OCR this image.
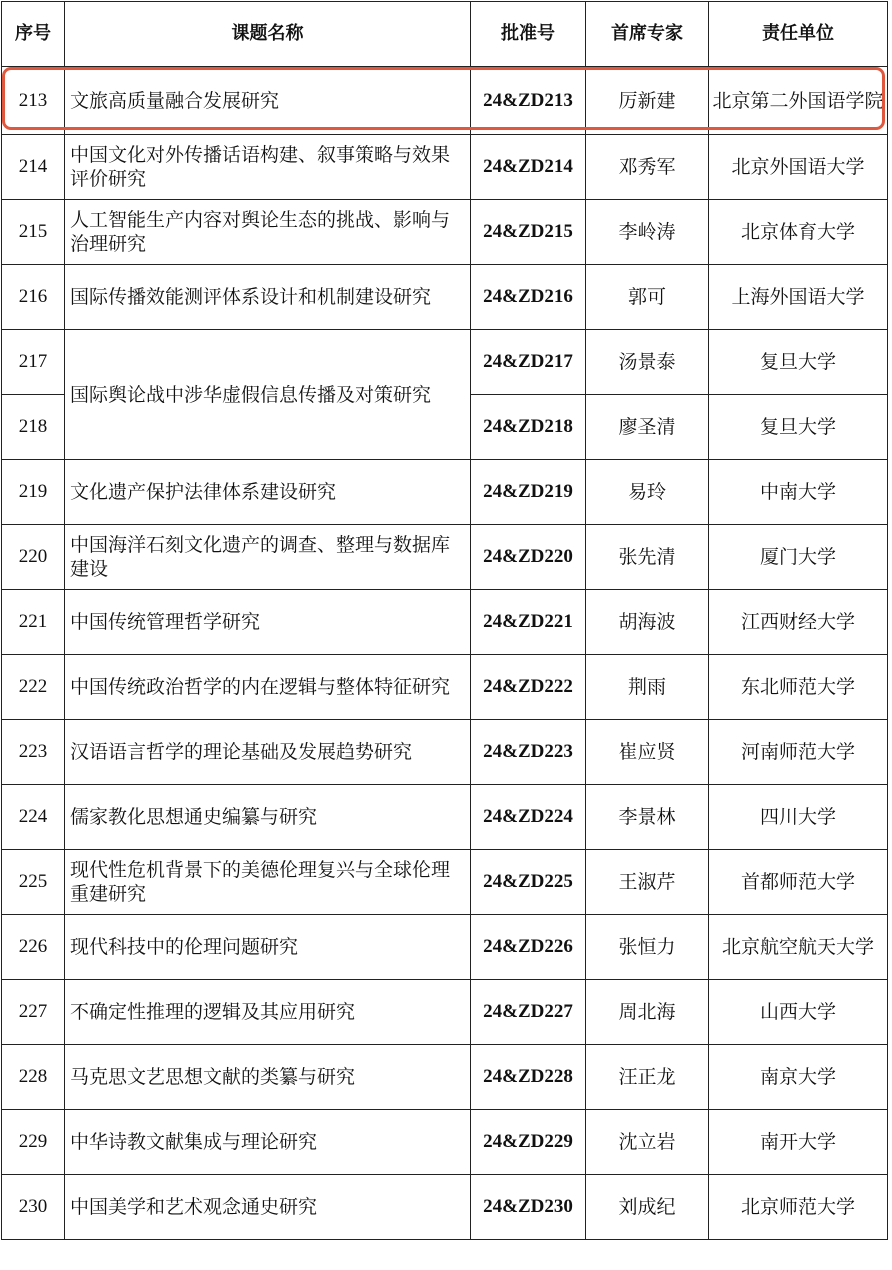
序号	课题名称	批准号	首席专家	责任单位
213	文旅高质量融合发展研究	24&ZD213	厉新建	北京第二外国语学院
214	中国文化对外传播话语构建、叙事策略与效果评价研究	24&ZD214	邓秀军	北京外国语大学
215	人工智能生产内容对舆论生态的挑战、影响与治理研究	24&ZD215	李岭涛	北京体育大学
216	国际传播效能测评体系设计和机制建设研究	24&ZD216	郭可	上海外国语大学
217	国际舆论战中涉华虚假信息传播及对策研究	24&ZD217	汤景泰	复旦大学
218		24&ZD218	廖圣清	复旦大学
219	文化遗产保护法律体系建设研究	24&ZD219	易玲	中南大学
220	中国海洋石刻文化遗产的调查、整理与数据库建设	24&ZD220	张先清	厦门大学
221	中国传统管理哲学研究	24&ZD221	胡海波	江西财经大学
222	中国传统政治哲学的内在逻辑与整体特征研究	24&ZD222	荆雨	东北师范大学
223	汉语语言哲学的理论基础及发展趋势研究	24&ZD223	崔应贤	河南师范大学
224	儒家教化思想通史编纂与研究	24&ZD224	李景林	四川大学
225	现代性危机背景下的美德伦理复兴与全球伦理重建研究	24&ZD225	王淑芹	首都师范大学
226	现代科技中的伦理问题研究	24&ZD226	张恒力	北京航空航天大学
227	不确定性推理的逻辑及其应用研究	24&ZD227	周北海	山西大学
228	马克思文艺思想文献的类纂与研究	24&ZD228	汪正龙	南京大学
229	中华诗教文献集成与理论研究	24&ZD229	沈立岩	南开大学
230	中国美学和艺术观念通史研究	24&ZD230	刘成纪	北京师范大学
